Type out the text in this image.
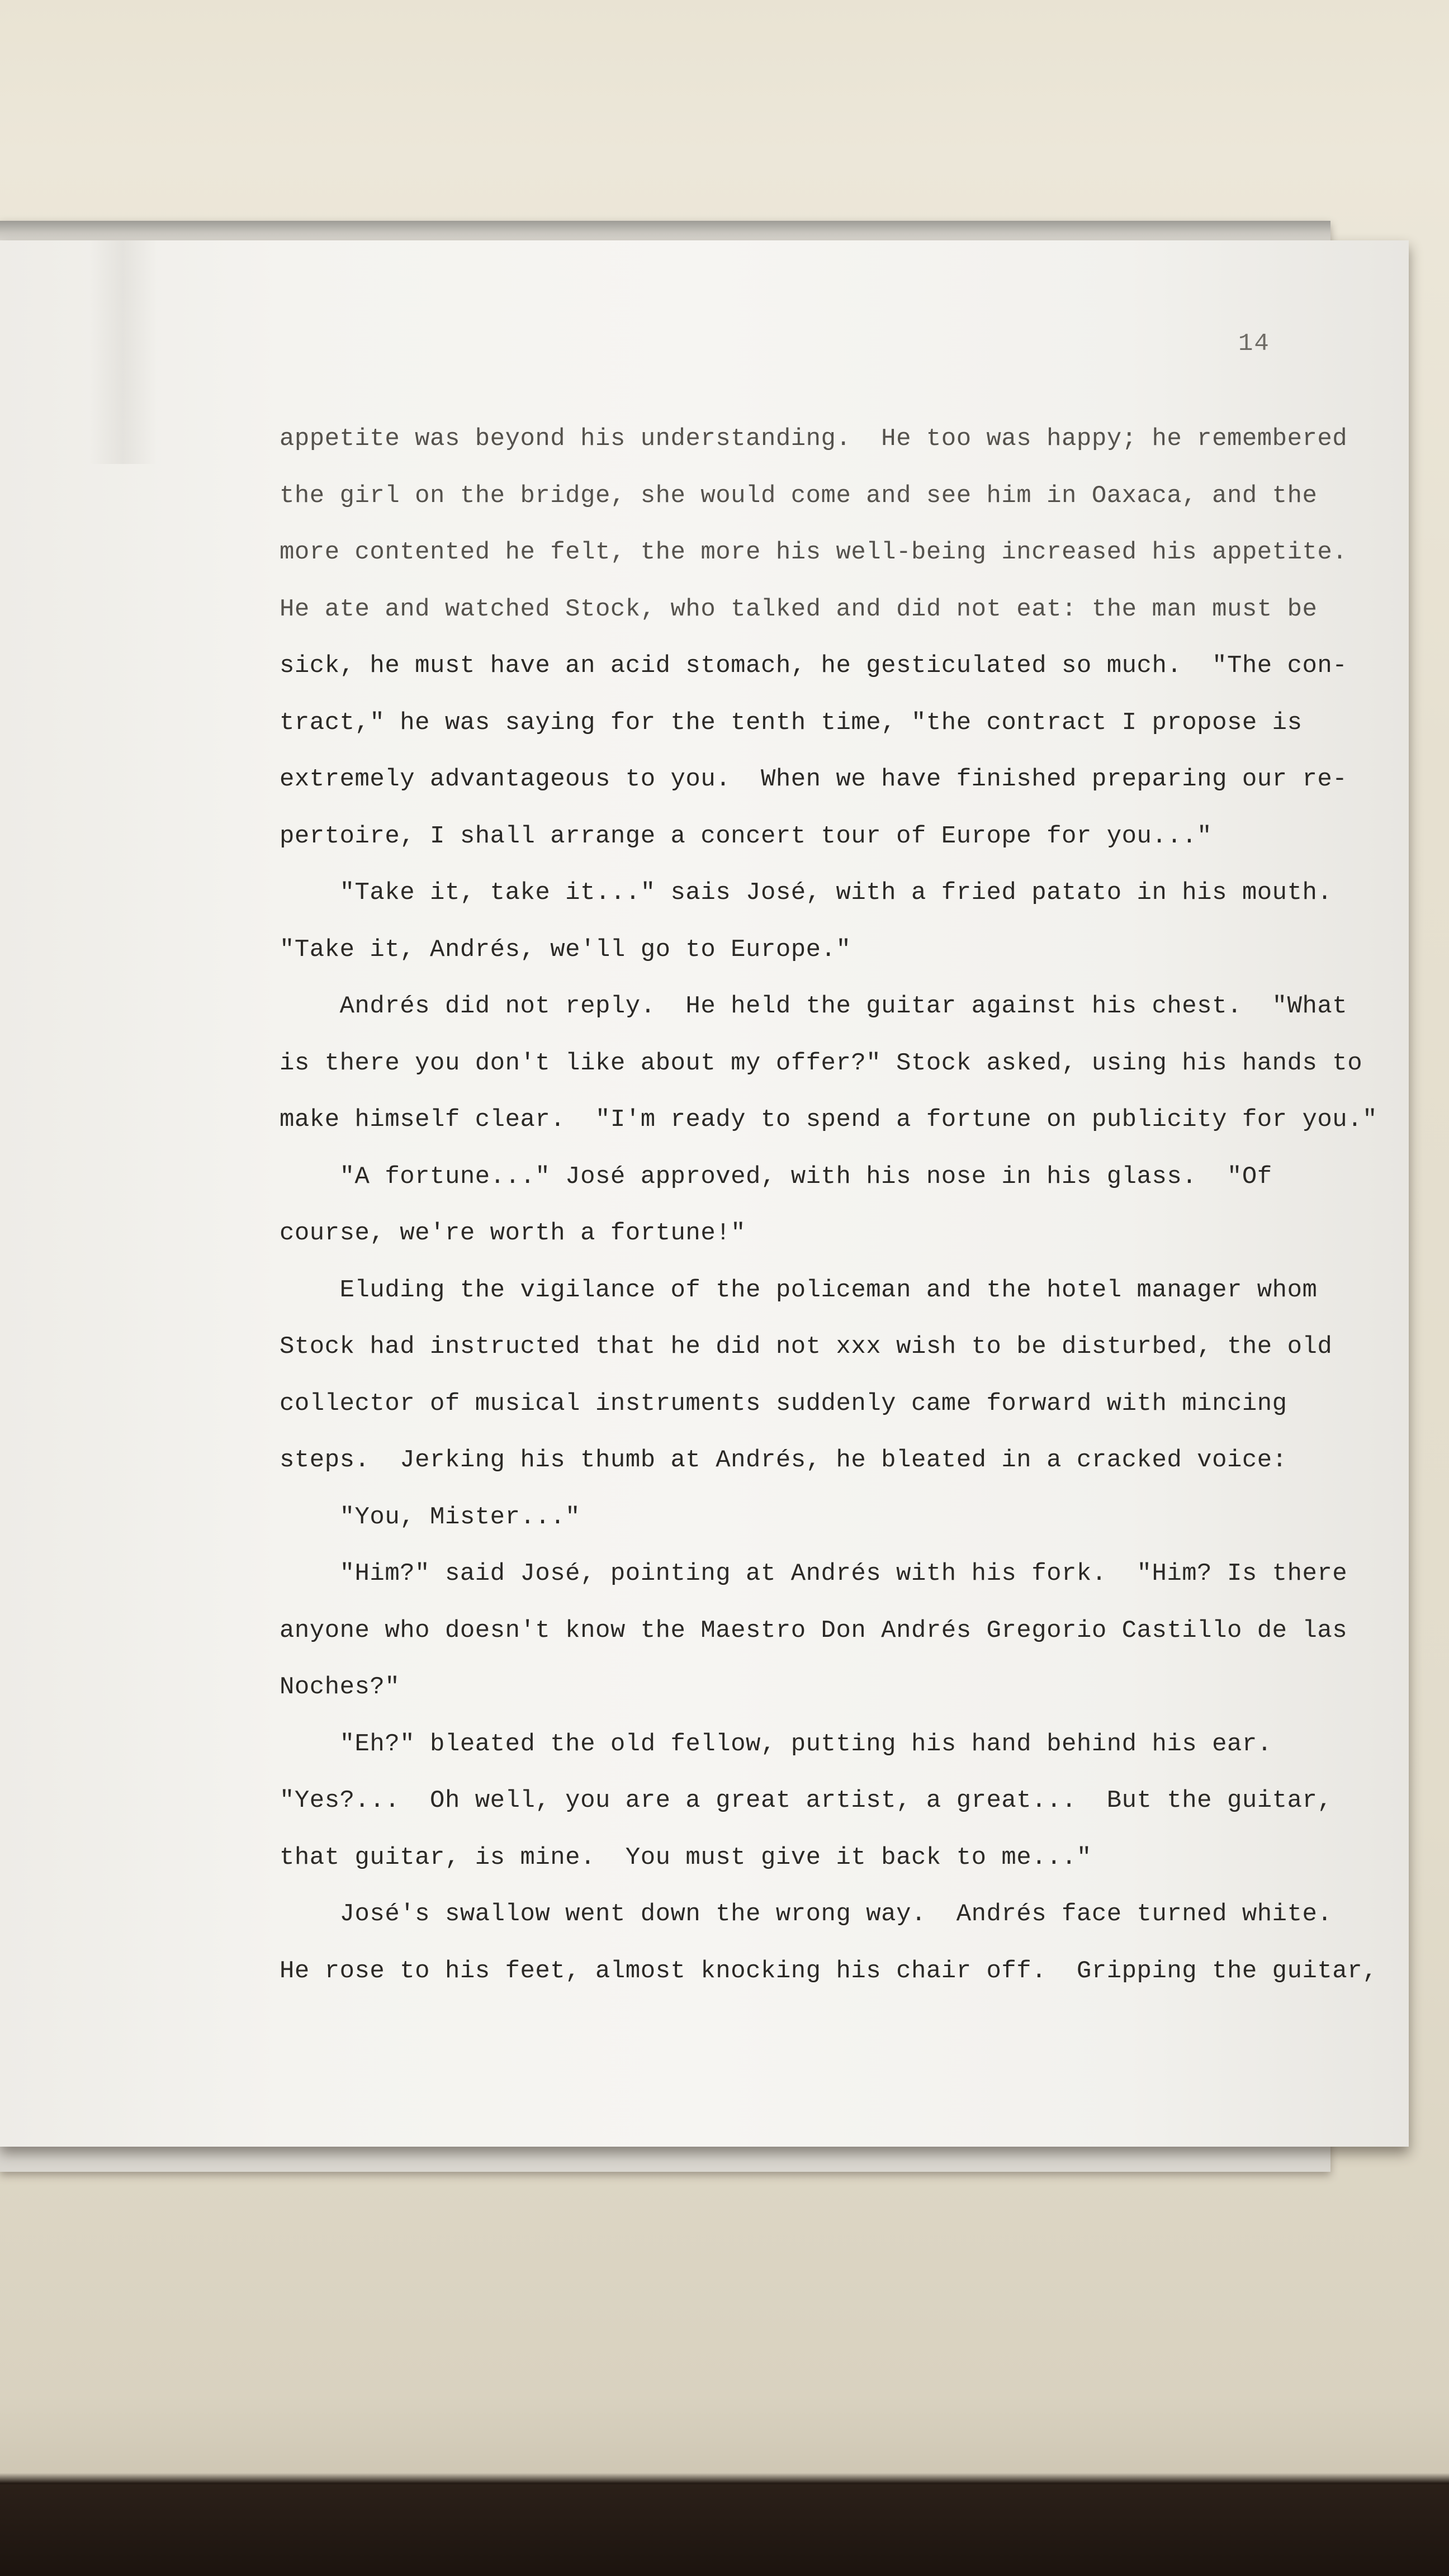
14
appetite was beyond his understanding.  He too was happy; he remembered
the girl on the bridge, she would come and see him in Oaxaca, and the
more contented he felt, the more his well-being increased his appetite.
He ate and watched Stock, who talked and did not eat: the man must be
sick, he must have an acid stomach, he gesticulated so much.  "The con-
tract," he was saying for the tenth time, "the contract I propose is
extremely advantageous to you.  When we have finished preparing our re-
pertoire, I shall arrange a concert tour of Europe for you..."
"Take it, take it..." sais José, with a fried patato in his mouth.
"Take it, Andrés, we'll go to Europe."
Andrés did not reply.  He held the guitar against his chest.  "What
is there you don't like about my offer?" Stock asked, using his hands to
make himself clear.  "I'm ready to spend a fortune on publicity for you."
"A fortune..." José approved, with his nose in his glass.  "Of
course, we're worth a fortune!"
Eluding the vigilance of the policeman and the hotel manager whom
Stock had instructed that he did not xxx wish to be disturbed, the old
collector of musical instruments suddenly came forward with mincing
steps.  Jerking his thumb at Andrés, he bleated in a cracked voice:
"You, Mister..."
"Him?" said José, pointing at Andrés with his fork.  "Him? Is there
anyone who doesn't know the Maestro Don Andrés Gregorio Castillo de las
Noches?"
"Eh?" bleated the old fellow, putting his hand behind his ear.
"Yes?...  Oh well, you are a great artist, a great...  But the guitar,
that guitar, is mine.  You must give it back to me..."
José's swallow went down the wrong way.  Andrés face turned white.
He rose to his feet, almost knocking his chair off.  Gripping the guitar,
